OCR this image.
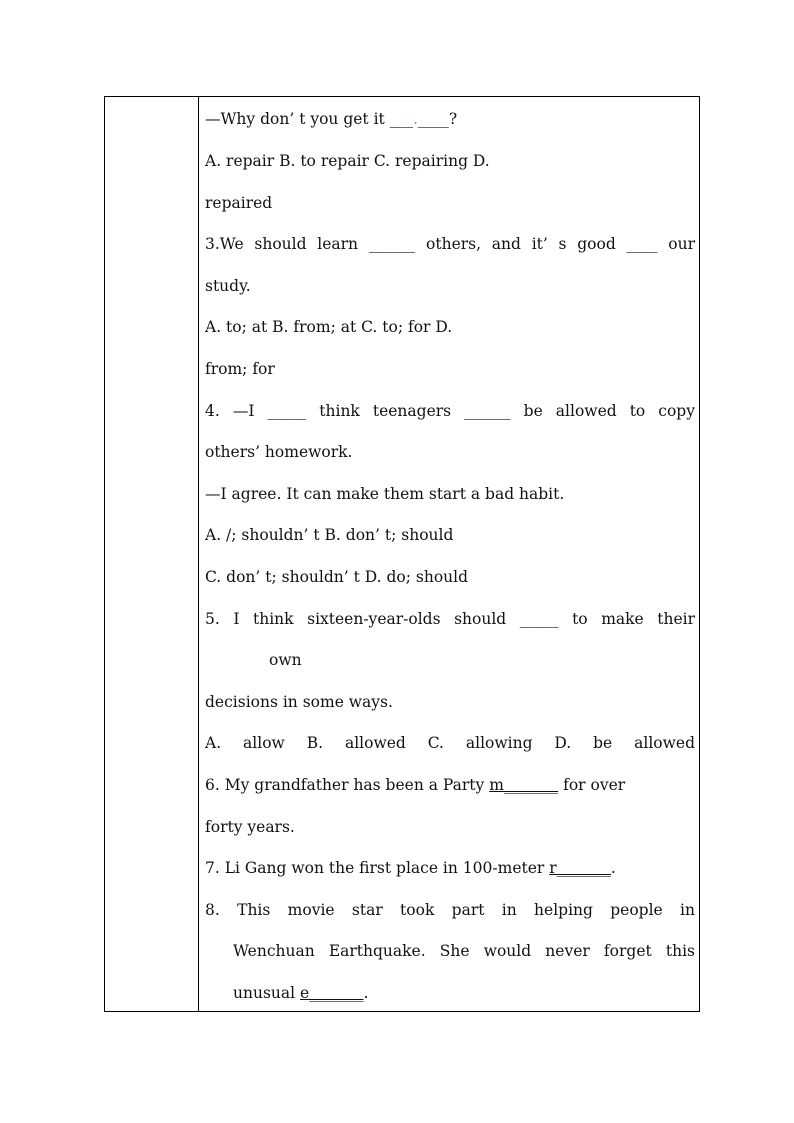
—Why don’ t you get it ___.____?
A. repair B. to repair C. repairing D.
repaired
3.We should learn ______ others, and it’ s good ____ our
study.
A. to; at B. from; at C. to; for D.
from; for
4. —I _____ think teenagers ______ be allowed to copy
others’ homework.
—I agree. It can make them start a bad habit.
A. /; shouldn’ t B. don’ t; should
C. don’ t; shouldn’ t D. do; should
5. I think sixteen-year-olds should _____ to make their
own
decisions in some ways.
A. allow B. allowed C. allowing D. be allowed
6. My grandfather has been a Party m_______ for over
forty years.
7. Li Gang won the first place in 100-meter r_______.
8. This movie star took part in helping people in
Wenchuan Earthquake. She would never forget this
unusual e_______.
